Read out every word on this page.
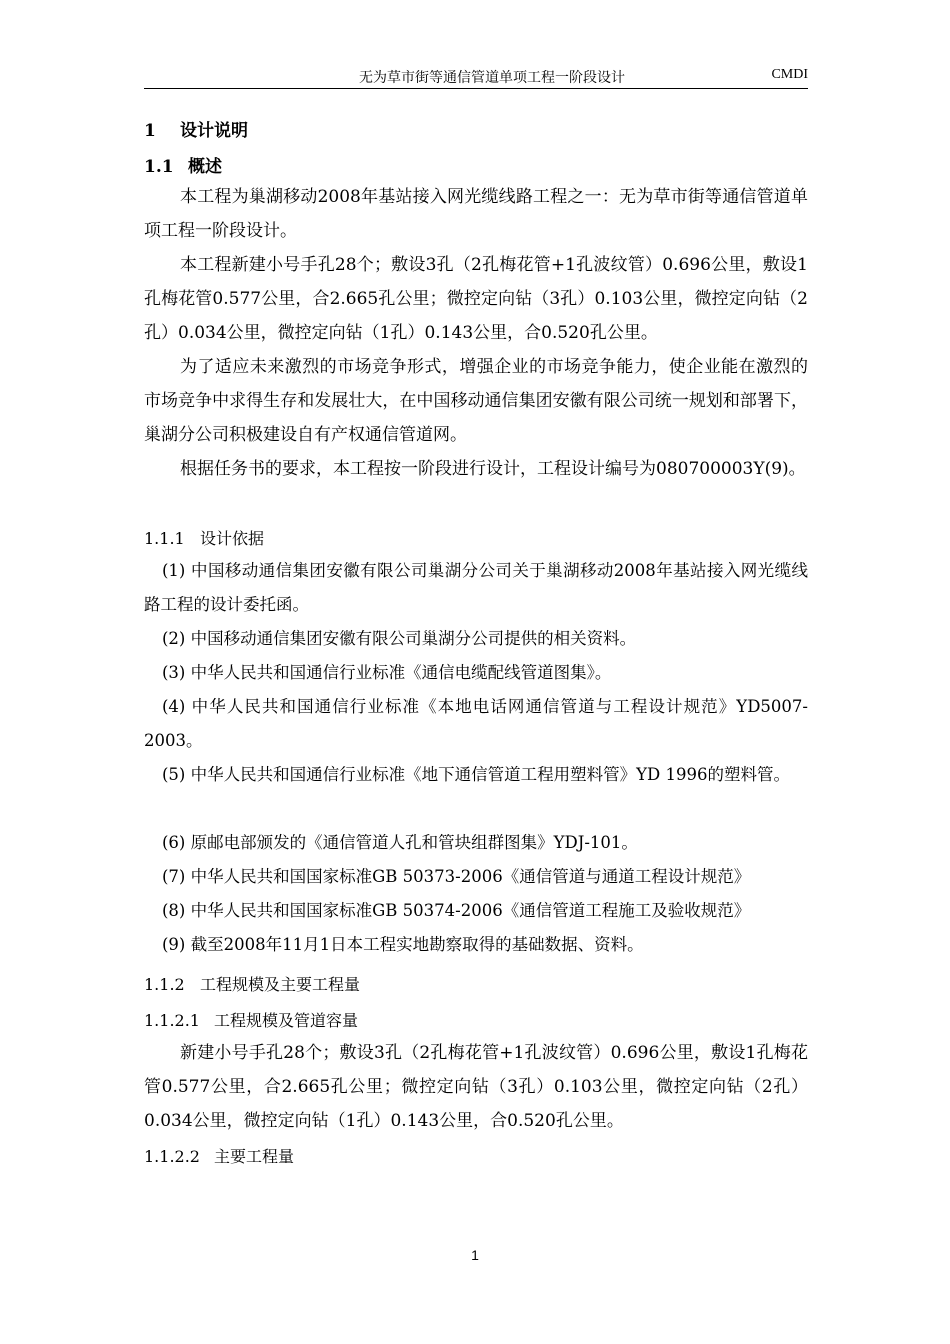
无为草市街等通信管道单项工程一阶段设计	CMDI
1 设计说明
1.1 概述
本工程为巢湖移动2008年基站接入网光缆线路工程之一：无为草市街等通信管道单项工程一阶段设计。
本工程新建小号手孔28个；敷设3孔（2孔梅花管+1孔波纹管）0.696公里，敷设1孔梅花管0.577公里，合2.665孔公里；微控定向钻（3孔）0.103公里，微控定向钻（2孔）0.034公里，微控定向钻（1孔）0.143公里，合0.520孔公里。
为了适应未来激烈的市场竞争形式，增强企业的市场竞争能力，使企业能在激烈的市场竞争中求得生存和发展壮大，在中国移动通信集团安徽有限公司统一规划和部署下，巢湖分公司积极建设自有产权通信管道网。
根据任务书的要求，本工程按一阶段进行设计，工程设计编号为080700003Y(9)。
1.1.1 设计依据
(1) 中国移动通信集团安徽有限公司巢湖分公司关于巢湖移动2008年基站接入网光缆线路工程的设计委托函。
(2) 中国移动通信集团安徽有限公司巢湖分公司提供的相关资料。
(3) 中华人民共和国通信行业标准《通信电缆配线管道图集》。
(4) 中华人民共和国通信行业标准《本地电话网通信管道与工程设计规范》YD5007-2003。
(5) 中华人民共和国通信行业标准《地下通信管道工程用塑料管》YD 1996的塑料管。
(6) 原邮电部颁发的《通信管道人孔和管块组群图集》YDJ-101。
(7) 中华人民共和国国家标准GB 50373-2006《通信管道与通道工程设计规范》
(8) 中华人民共和国国家标准GB 50374-2006《通信管道工程施工及验收规范》
(9) 截至2008年11月1日本工程实地勘察取得的基础数据、资料。
1.1.2 工程规模及主要工程量
1.1.2.1 工程规模及管道容量
新建小号手孔28个；敷设3孔（2孔梅花管+1孔波纹管）0.696公里，敷设1孔梅花管0.577公里，合2.665孔公里；微控定向钻（3孔）0.103公里，微控定向钻（2孔）0.034公里，微控定向钻（1孔）0.143公里，合0.520孔公里。
1.1.2.2 主要工程量
1
